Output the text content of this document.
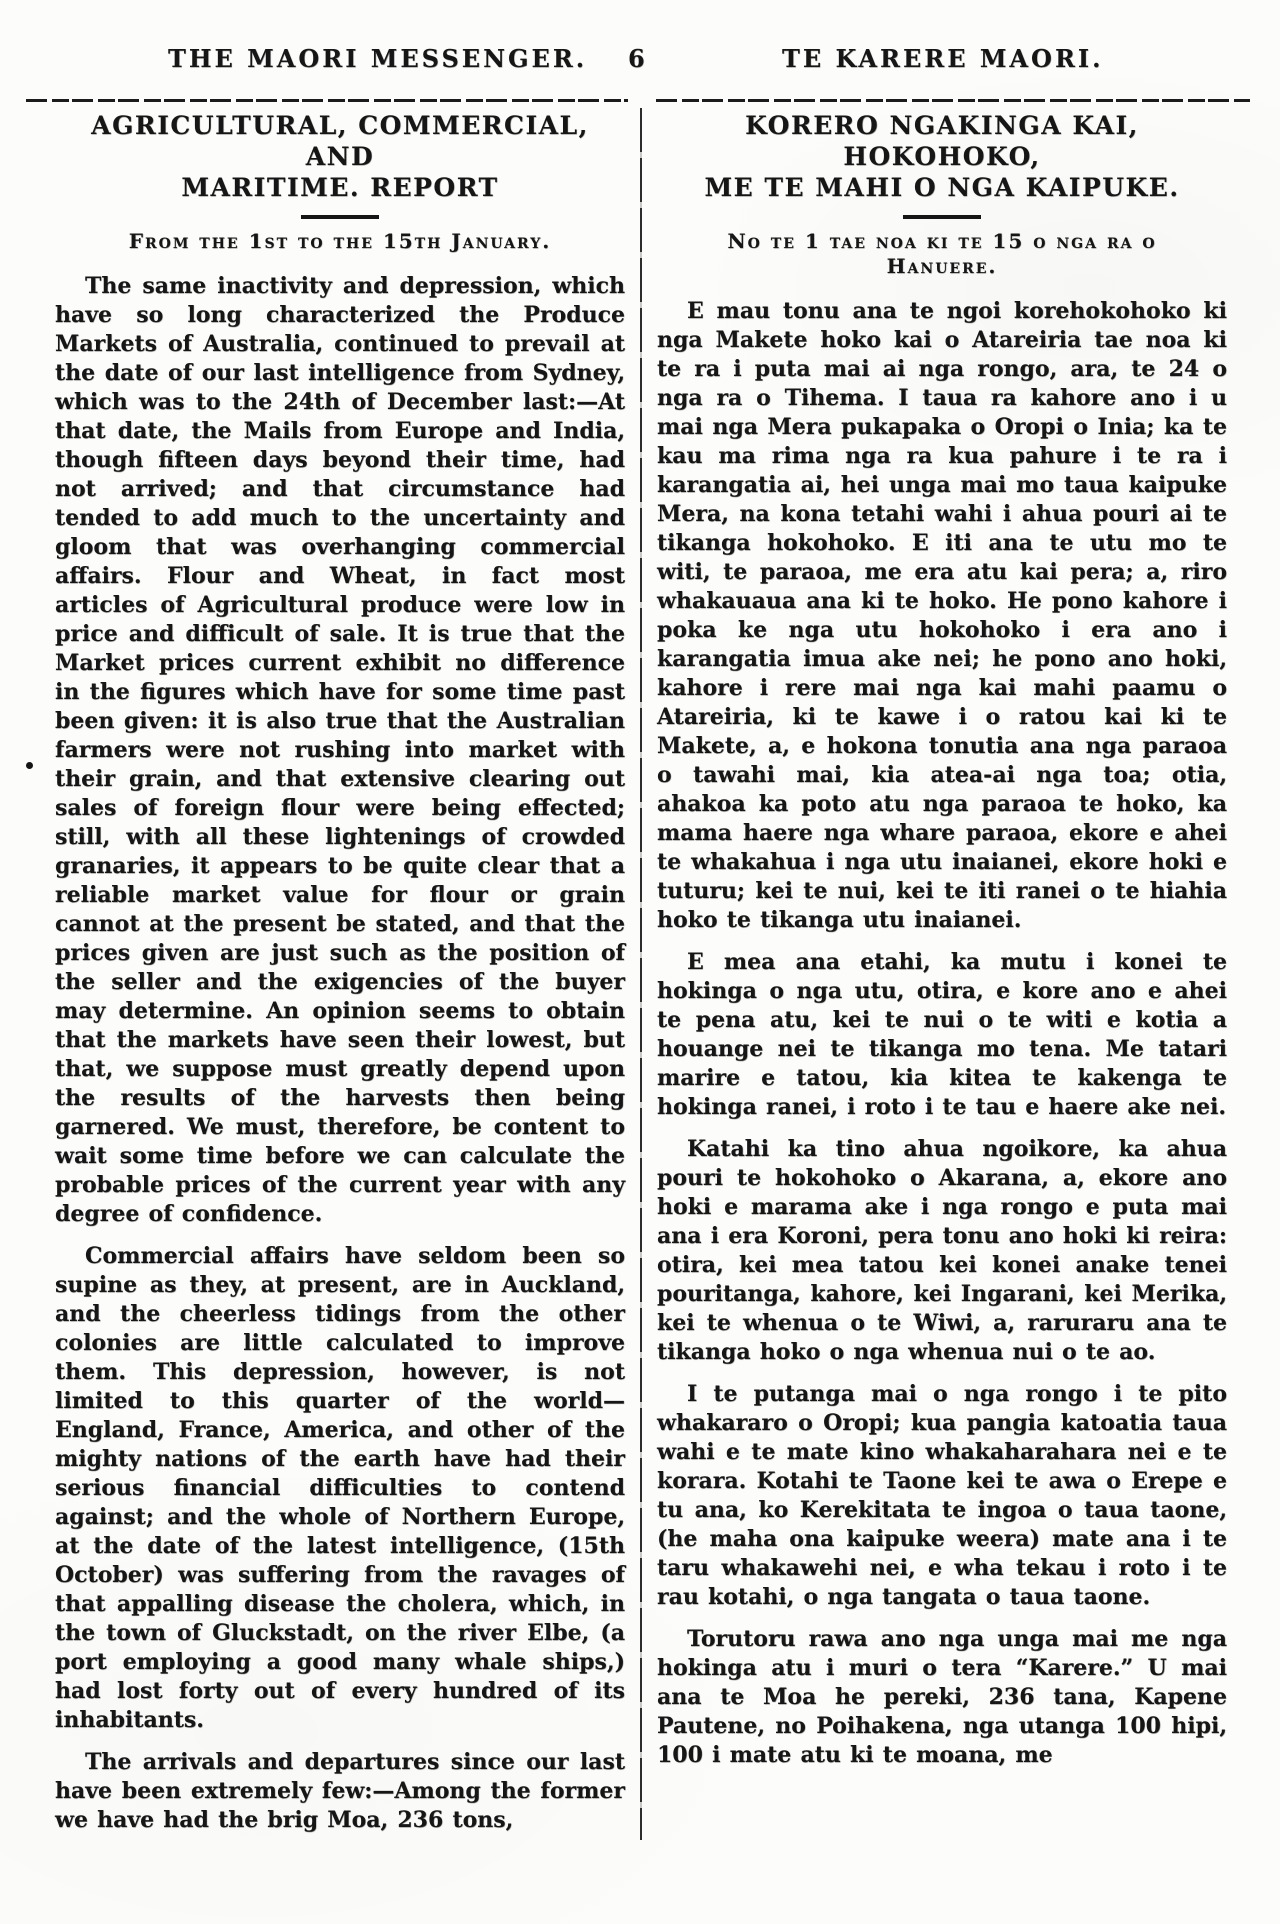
THE MAORI MESSENGER. 6	TE KARERE MAORI.
AGRICULTURAL, COMMERCIAL, AND
MARITIME. REPORT
From the 1st to the 15th January.

The same inactivity and depression, which have so long characterized the Produce Markets of Australia, continued to prevail at the date of our last intelligence from Sydney, which was to the 24th of December last:—At that date, the Mails from Europe and India, though fifteen days beyond their time, had not arrived; and that circumstance had tended to add much to the uncertainty and gloom that was overhanging commercial affairs. Flour and Wheat, in fact most articles of Agricultural produce were low in price and difficult of sale. It is true that the Market prices current exhibit no difference in the figures which have for some time past been given: it is also true that the Australian farmers were not rushing into market with their grain, and that extensive clearing out sales of foreign flour were being effected; still, with all these lightenings of crowded granaries, it appears to be quite clear that a reliable market value for flour or grain cannot at the present be stated, and that the prices given are just such as the position of the seller and the exigencies of the buyer may determine. An opinion seems to obtain that the markets have seen their lowest, but that, we suppose must greatly depend upon the results of the harvests then being garnered. We must, therefore, be content to wait some time before we can calculate the probable prices of the current year with any degree of confidence.

Commercial affairs have seldom been so supine as they, at present, are in Auckland, and the cheerless tidings from the other colonies are little calculated to improve them. This depression, however, is not limited to this quarter of the world—England, France, America, and other of the mighty nations of the earth have had their serious financial difficulties to contend against; and the whole of Northern Europe, at the date of the latest intelligence, (15th October) was suffering from the ravages of that appalling disease the cholera, which, in the town of Gluckstadt, on the river Elbe, (a port employing a good many whale ships,) had lost forty out of every hundred of its inhabitants.

The arrivals and departures since our last have been extremely few:—Among the former we have had the brig Moa, 236 tons,

KORERO NGAKINGA KAI, HOKOHOKO,
ME TE MAHI O NGA KAIPUKE.
No te 1 tae noa ki te 15 o nga ra o Hanuere.

E mau tonu ana te ngoi korehokohoko ki nga Makete hoko kai o Atareiria tae noa ki te ra i puta mai ai nga rongo, ara, te 24 o nga ra o Tihema. I taua ra kahore ano i u mai nga Mera pukapaka o Oropi o Inia; ka te kau ma rima nga ra kua pahure i te ra i karangatia ai, hei unga mai mo taua kaipuke Mera, na kona tetahi wahi i ahua pouri ai te tikanga hokohoko. E iti ana te utu mo te witi, te paraoa, me era atu kai pera; a, riro whakauaua ana ki te hoko. He pono kahore i poka ke nga utu hokohoko i era ano i karangatia imua ake nei; he pono ano hoki, kahore i rere mai nga kai mahi paamu o Atareiria, ki te kawe i o ratou kai ki te Makete, a, e hokona tonutia ana nga paraoa o tawahi mai, kia atea-ai nga toa; otia, ahakoa ka poto atu nga paraoa te hoko, ka mama haere nga whare paraoa, ekore e ahei te whakahua i nga utu inaianei, ekore hoki e tuturu; kei te nui, kei te iti ranei o te hiahia hoko te tikanga utu inaianei.

E mea ana etahi, ka mutu i konei te hokinga o nga utu, otira, e kore ano e ahei te pena atu, kei te nui o te witi e kotia a houange nei te tikanga mo tena. Me tatari marire e tatou, kia kitea te kakenga te hokinga ranei, i roto i te tau e haere ake nei.

Katahi ka tino ahua ngoikore, ka ahua pouri te hokohoko o Akarana, a, ekore ano hoki e marama ake i nga rongo e puta mai ana i era Koroni, pera tonu ano hoki ki reira: otira, kei mea tatou kei konei anake tenei pouritanga, kahore, kei Ingarani, kei Merika, kei te whenua o te Wiwi, a, raruraru ana te tikanga hoko o nga whenua nui o te ao.

I te putanga mai o nga rongo i te pito whakararo o Oropi; kua pangia katoatia taua wahi e te mate kino whakaharahara nei e te korara. Kotahi te Taone kei te awa o Erepe e tu ana, ko Kerekitata te ingoa o taua taone, (he maha ona kaipuke weera) mate ana i te taru whakawehi nei, e wha tekau i roto i te rau kotahi, o nga tangata o taua taone.

Torutoru rawa ano nga unga mai me nga hokinga atu i muri o tera “Karere.” U mai ana te Moa he pereki, 236 tana, Kapene Pautene, no Poihakena, nga utanga 100 hipi, 100 i mate atu ki te moana, me
